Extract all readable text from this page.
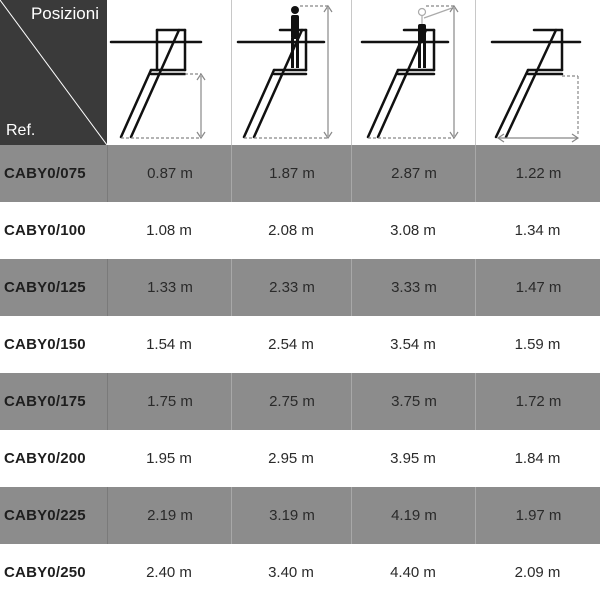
Posizioni
Ref.
CABY0/075	0.87 m	1.87 m	2.87 m	1.22 m
CABY0/100	1.08 m	2.08 m	3.08 m	1.34 m
CABY0/125	1.33 m	2.33 m	3.33 m	1.47 m
CABY0/150	1.54 m	2.54 m	3.54 m	1.59 m
CABY0/175	1.75 m	2.75 m	3.75 m	1.72 m
CABY0/200	1.95 m	2.95 m	3.95 m	1.84 m
CABY0/225	2.19 m	3.19 m	4.19 m	1.97 m
CABY0/250	2.40 m	3.40 m	4.40 m	2.09 m
